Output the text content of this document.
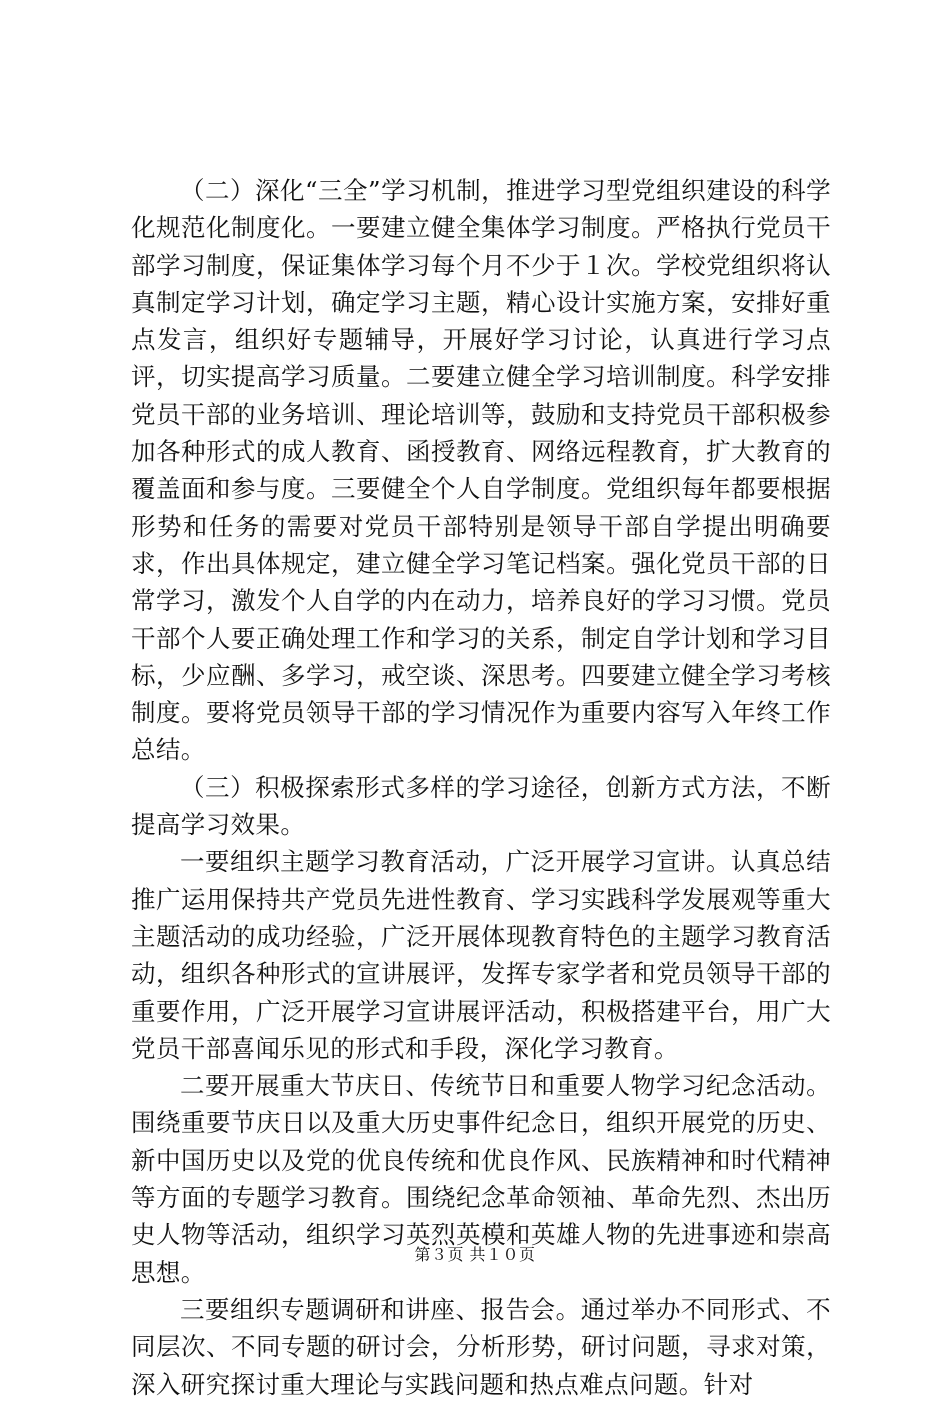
（二）深化“三全”学习机制，推进学习型党组织建设的科学化规范化制度化。一要建立健全集体学习制度。严格执行党员干部学习制度，保证集体学习每个月不少于１次。学校党组织将认真制定学习计划，确定学习主题，精心设计实施方案，安排好重点发言，组织好专题辅导，开展好学习讨论，认真进行学习点评，切实提高学习质量。二要建立健全学习培训制度。科学安排党员干部的业务培训、理论培训等，鼓励和支持党员干部积极参加各种形式的成人教育、函授教育、网络远程教育，扩大教育的覆盖面和参与度。三要健全个人自学制度。党组织每年都要根据形势和任务的需要对党员干部特别是领导干部自学提出明确要求，作出具体规定，建立健全学习笔记档案。强化党员干部的日常学习，激发个人自学的内在动力，培养良好的学习习惯。党员干部个人要正确处理工作和学习的关系，制定自学计划和学习目标，少应酬、多学习，戒空谈、深思考。四要建立健全学习考核制度。要将党员领导干部的学习情况作为重要内容写入年终工作总结。

（三）积极探索形式多样的学习途径，创新方式方法，不断提高学习效果。

一要组织主题学习教育活动，广泛开展学习宣讲。认真总结推广运用保持共产党员先进性教育、学习实践科学发展观等重大主题活动的成功经验，广泛开展体现教育特色的主题学习教育活动，组织各种形式的宣讲展评，发挥专家学者和党员领导干部的重要作用，广泛开展学习宣讲展评活动，积极搭建平台，用广大党员干部喜闻乐见的形式和手段，深化学习教育。

二要开展重大节庆日、传统节日和重要人物学习纪念活动。围绕重要节庆日以及重大历史事件纪念日，组织开展党的历史、新中国历史以及党的优良传统和优良作风、民族精神和时代精神等方面的专题学习教育。围绕纪念革命领袖、革命先烈、杰出历史人物等活动，组织学习英烈英模和英雄人物的先进事迹和崇高思想。

三要组织专题调研和讲座、报告会。通过举办不同形式、不同层次、不同专题的研讨会，分析形势，研讨问题，寻求对策，深入研究探讨重大理论与实践问题和热点难点问题。针对

第３页 共１０页
